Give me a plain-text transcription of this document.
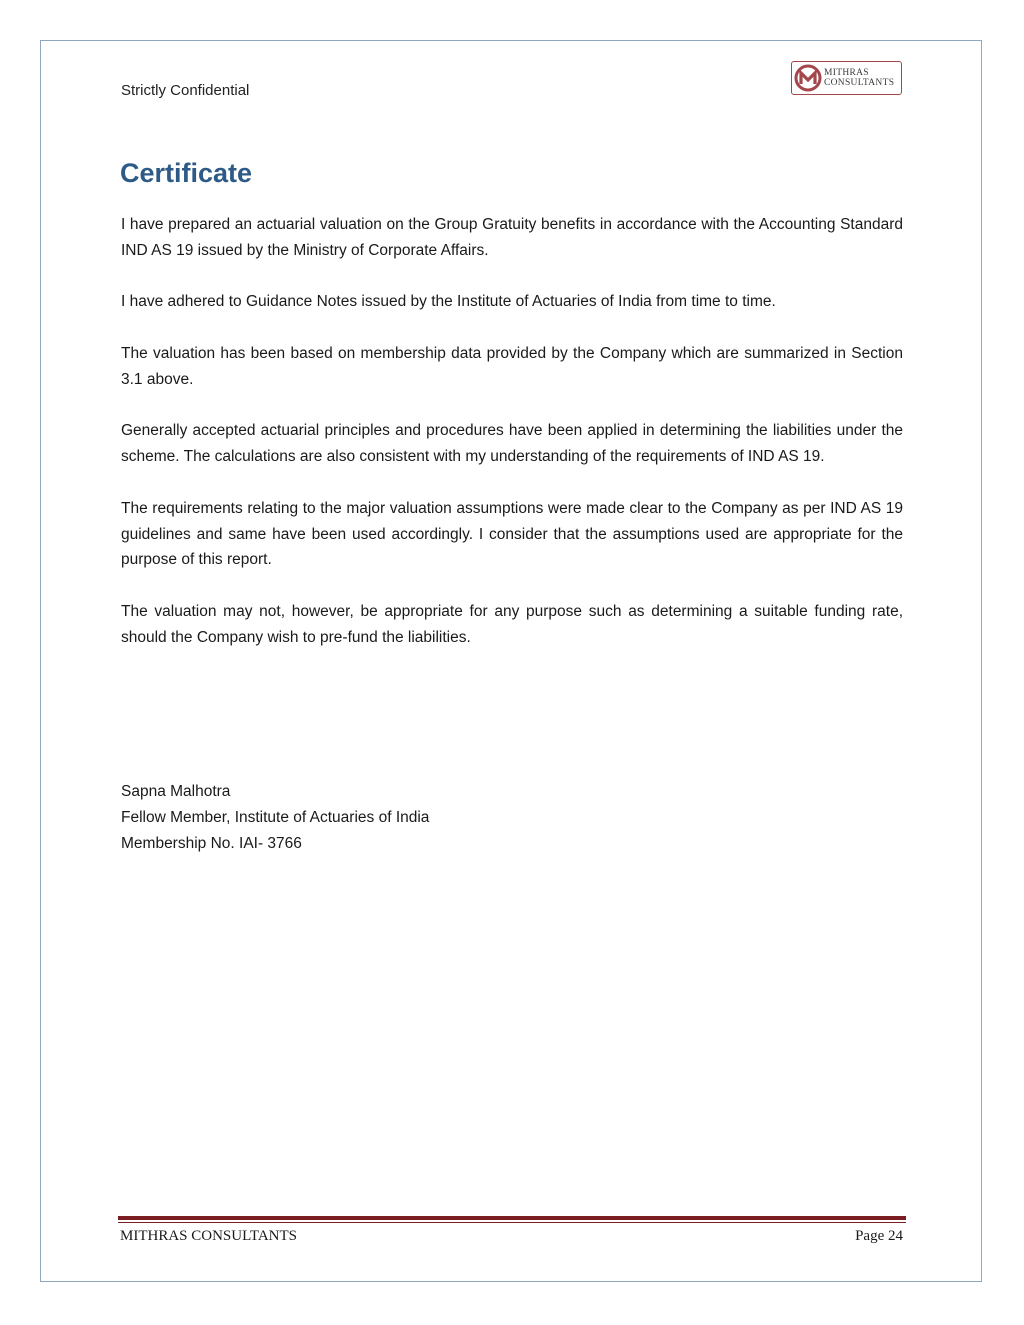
Strictly Confidential
MITHRAS
CONSULTANTS
Certificate

I have prepared an actuarial valuation on the Group Gratuity benefits in accordance with the Accounting Standard IND AS 19 issued by the Ministry of Corporate Affairs.

I have adhered to Guidance Notes issued by the Institute of Actuaries of India from time to time.

The valuation has been based on membership data provided by the Company which are summarized in Section 3.1 above.

Generally accepted actuarial principles and procedures have been applied in determining the liabilities under the scheme. The calculations are also consistent with my understanding of the requirements of IND AS 19.

The requirements relating to the major valuation assumptions were made clear to the Company as per IND AS 19 guidelines and same have been used accordingly. I consider that the assumptions used are appropriate for the purpose of this report.

The valuation may not, however, be appropriate for any purpose such as determining a suitable funding rate, should the Company wish to pre-fund the liabilities.

Sapna Malhotra
Fellow Member, Institute of Actuaries of India
Membership No. IAI- 3766
MITHRAS CONSULTANTS	Page 24
